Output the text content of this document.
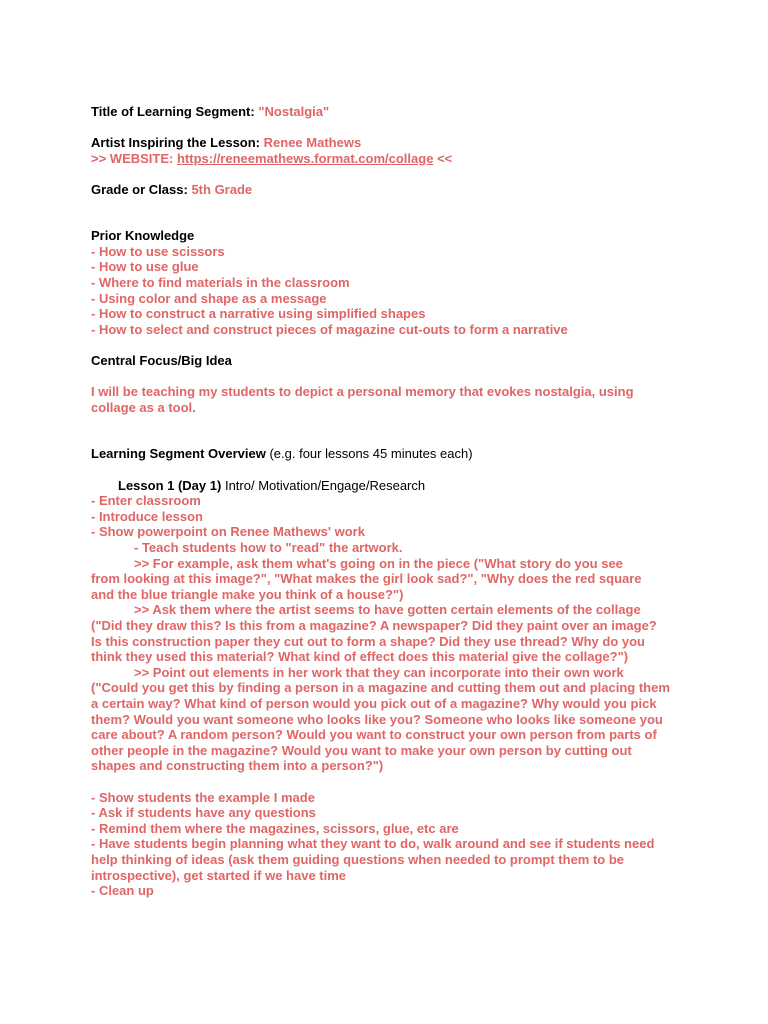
Title of Learning Segment: "Nostalgia"

Artist Inspiring the Lesson: Renee Mathews

>> WEBSITE: https://reneemathews.format.com/collage <<

Grade or Class: 5th Grade

Prior Knowledge

- How to use scissors

- How to use glue

- Where to find materials in the classroom

- Using color and shape as a message

- How to construct a narrative using simplified shapes

- How to select and construct pieces of magazine cut-outs to form a narrative

Central Focus/Big Idea

I will be teaching my students to depict a personal memory that evokes nostalgia, using collage as a tool.

Learning Segment Overview (e.g. four lessons 45 minutes each)

Lesson 1 (Day 1) Intro/ Motivation/Engage/Research

- Enter classroom

- Introduce lesson

- Show powerpoint on Renee Mathews' work

- Teach students how to "read" the artwork.

>> For example, ask them what's going on in the piece ("What story do you see

from looking at this image?", "What makes the girl look sad?", "Why does the red square and the blue triangle make you think of a house?")

>> Ask them where the artist seems to have gotten certain elements of the collage

("Did they draw this? Is this from a magazine? A newspaper? Did they paint over an image? Is this construction paper they cut out to form a shape? Did they use thread? Why do you think they used this material? What kind of effect does this material give the collage?")

>> Point out elements in her work that they can incorporate into their own work

("Could you get this by finding a person in a magazine and cutting them out and placing them a certain way? What kind of person would you pick out of a magazine? Why would you pick them? Would you want someone who looks like you? Someone who looks like someone you care about? A random person? Would you want to construct your own person from parts of other people in the magazine? Would you want to make your own person by cutting out shapes and constructing them into a person?")

- Show students the example I made

- Ask if students have any questions

- Remind them where the magazines, scissors, glue, etc are

- Have students begin planning what they want to do, walk around and see if students need help thinking of ideas (ask them guiding questions when needed to prompt them to be introspective), get started if we have time

- Clean up
